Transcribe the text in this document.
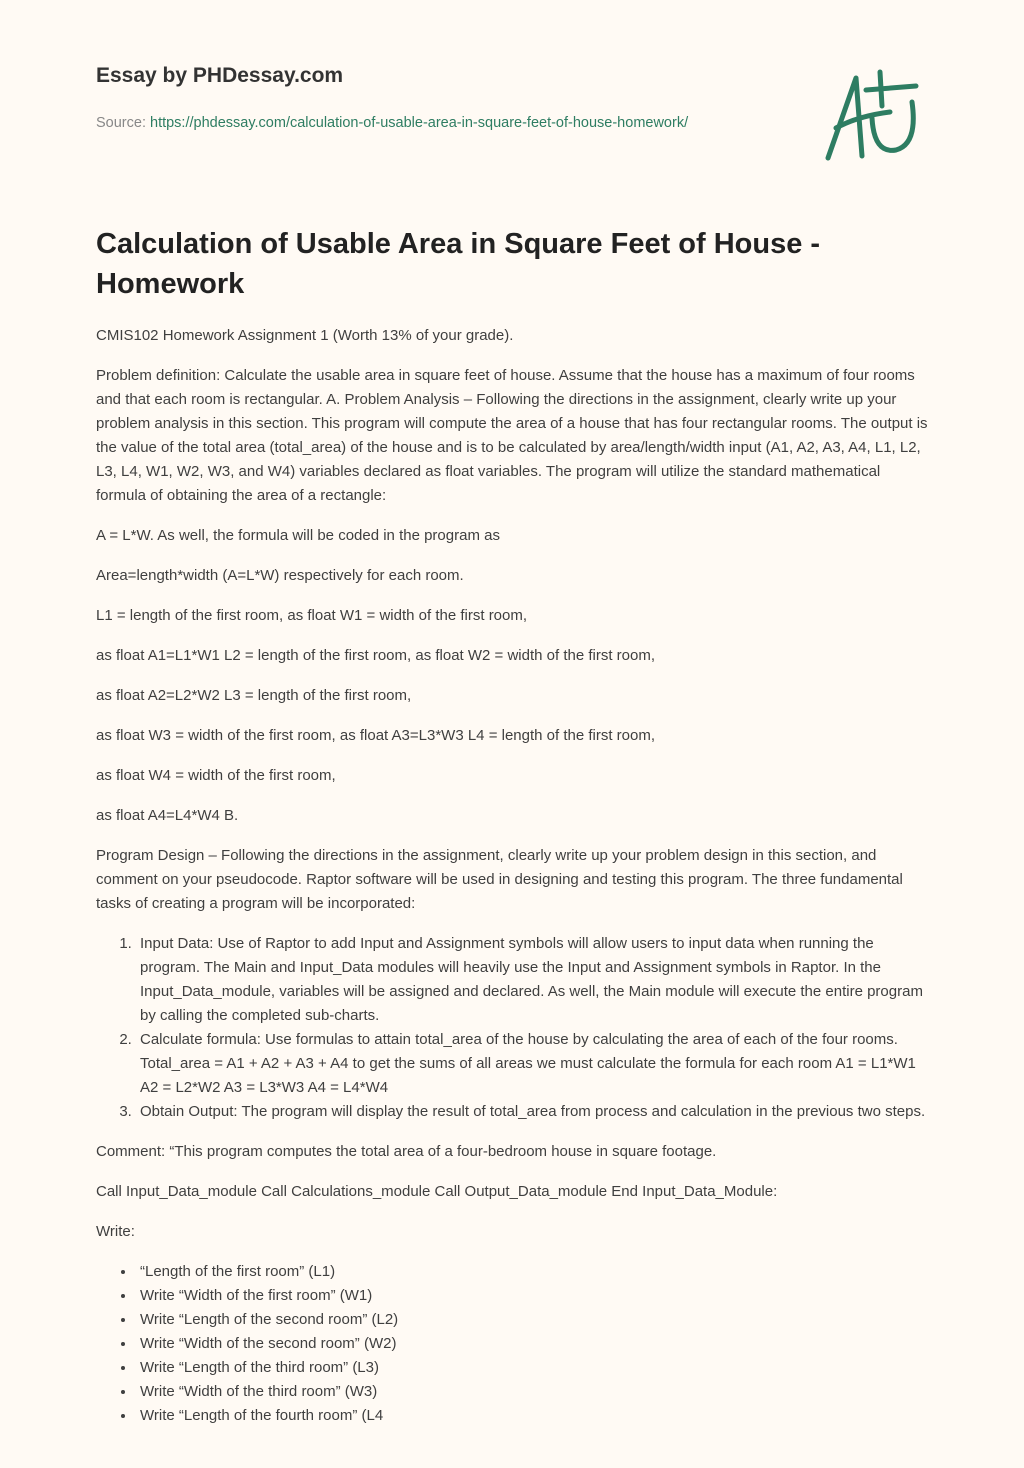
Essay by PHDessay.com

Source: https://phdessay.com/calculation-of-usable-area-in-square-feet-of-house-homework/
Calculation of Usable Area in Square Feet of House - Homework

CMIS102 Homework Assignment 1 (Worth 13% of your grade).

Problem definition: Calculate the usable area in square feet of house. Assume that the house has a maximum of four rooms and that each room is rectangular. A. Problem Analysis – Following the directions in the assignment, clearly write up your problem analysis in this section. This program will compute the area of a house that has four rectangular rooms. The output is the value of the total area (total_area) of the house and is to be calculated by area/length/width input (A1, A2, A3, A4, L1, L2, L3, L4, W1, W2, W3, and W4) variables declared as float variables. The program will utilize the standard mathematical formula of obtaining the area of a rectangle:

A = L*W. As well, the formula will be coded in the program as

Area=length*width (A=L*W) respectively for each room.

L1 = length of the first room, as float W1 = width of the first room,

as float A1=L1*W1 L2 = length of the first room, as float W2 = width of the first room,

as float A2=L2*W2 L3 = length of the first room,

as float W3 = width of the first room, as float A3=L3*W3 L4 = length of the first room,

as float W4 = width of the first room,

as float A4=L4*W4 B.

Program Design – Following the directions in the assignment, clearly write up your problem design in this section, and comment on your pseudocode. Raptor software will be used in designing and testing this program. The three fundamental tasks of creating a program will be incorporated:

1. Input Data: Use of Raptor to add Input and Assignment symbols will allow users to input data when running the program. The Main and Input_Data modules will heavily use the Input and Assignment symbols in Raptor. In the Input_Data_module, variables will be assigned and declared. As well, the Main module will execute the entire program by calling the completed sub-charts.
2. Calculate formula: Use formulas to attain total_area of the house by calculating the area of each of the four rooms. Total_area = A1 + A2 + A3 + A4 to get the sums of all areas we must calculate the formula for each room A1 = L1*W1 A2 = L2*W2 A3 = L3*W3 A4 = L4*W4
3. Obtain Output: The program will display the result of total_area from process and calculation in the previous two steps.

Comment: “This program computes the total area of a four-bedroom house in square footage.

Call Input_Data_module Call Calculations_module Call Output_Data_module End Input_Data_Module:

Write:

• “Length of the first room” (L1)
• Write “Width of the first room” (W1)
• Write “Length of the second room” (L2)
• Write “Width of the second room” (W2)
• Write “Length of the third room” (L3)
• Write “Width of the third room” (W3)
• Write “Length of the fourth room” (L4
